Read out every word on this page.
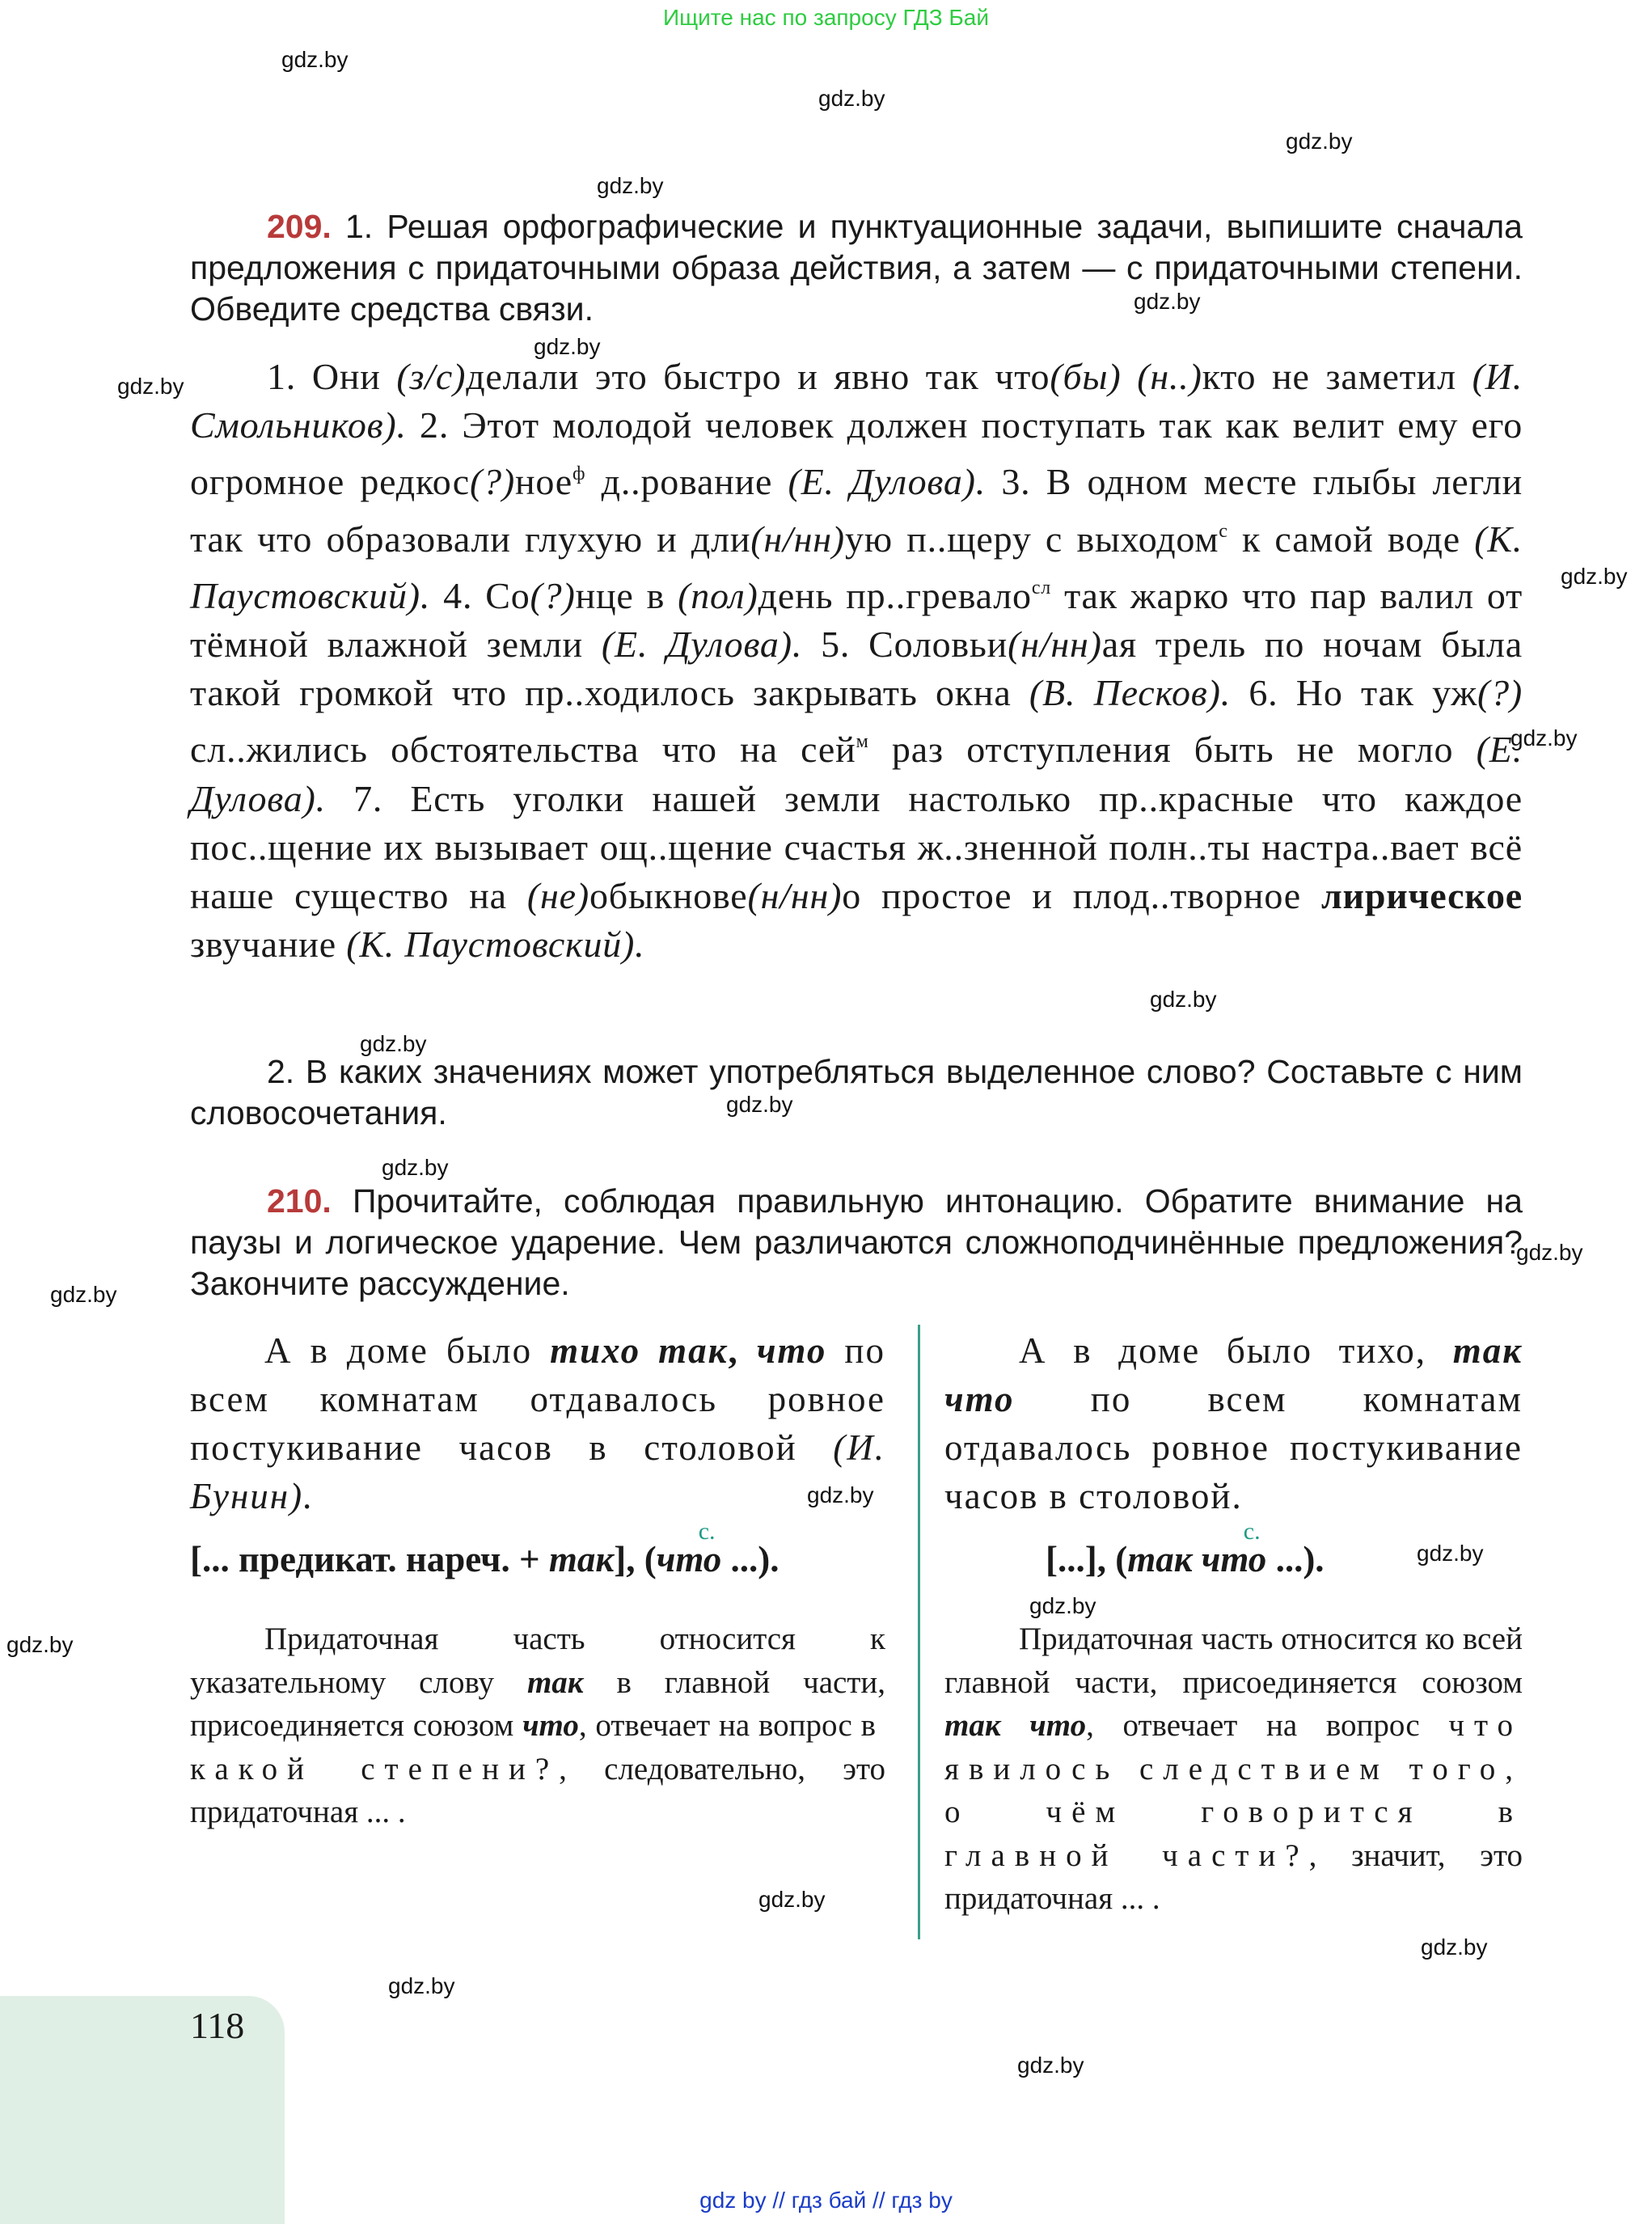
Ищите нас по запросу ГДЗ Бай
gdz by // гдз бай // гдз by
gdz.by
gdz.by
gdz.by
gdz.by
gdz.by
gdz.by
gdz.by
gdz.by
gdz.by
gdz.by
gdz.by
gdz.by
gdz.by
gdz.by
gdz.by
gdz.by
gdz.by
gdz.by
gdz.by
gdz.by
gdz.by
gdz.by
gdz.by
209. 1. Решая орфографические и пунктуационные задачи, выпишите сначала предложения с придаточными образа действия, а затем — с придаточными степени. Обведите средства связи.

1. Они (з/с)делали это быстро и явно так что(бы) (н..)кто не заметил (И. Смольников). 2. Этот молодой человек должен поступать так как велит ему его огромное редкос(?)ное$^ф$ д..рование (Е. Дулова). 3. В одном месте глыбы легли так что образовали глухую и дли(н/нн)ую п..щеру с выходом$^с$ к самой воде (К. Паустовский). 4. Со(?)нце в (пол)день пр..гревало$^{сл}$ так жарко что пар валил от тёмной влажной земли (Е. Дулова). 5. Соловьи(н/нн)ая трель по ночам была такой громкой что пр..ходилось закрывать окна (В. Песков). 6. Но так уж(?) сл..жились обстоятельства что на сей$^м$ раз отступления быть не могло (Е. Дулова). 7. Есть уголки нашей земли настолько пр..красные что каждое пос..щение их вызывает ощ..щение счастья ж..зненной полн..ты настра..вает всё наше существо на (не)обыкнове(н/нн)о простое и плод..творное лирическое звучание (К. Паустовский).

2. В каких значениях может употребляться выделенное слово? Составьте с ним словосочетания.
210. Прочитайте, соблюдая правильную интонацию. Обратите внимание на паузы и логическое ударение. Чем различаются сложноподчинённые предложения? Закончите рассуждение.

А в доме было тихо так, что по всем комнатам отдавалось ровное постукивание часов в столовой (И. Бунин).

[... предикат. нареч. + так], (с. что ...).

Придаточная часть относится к указательному слову так в главной части, присоединяется союзом что, отвечает на вопрос в какой степени?, следовательно, это придаточная ... .

А в доме было тихо, так что по всем комнатам отдавалось ровное постукивание часов в столовой.

[...], (так с. что ...).

Придаточная часть относится ко всей главной части, присоединяется союзом так что, отвечает на вопрос что явилось следствием того, о чём говорится в главной части?, значит, это придаточная ... .

118
